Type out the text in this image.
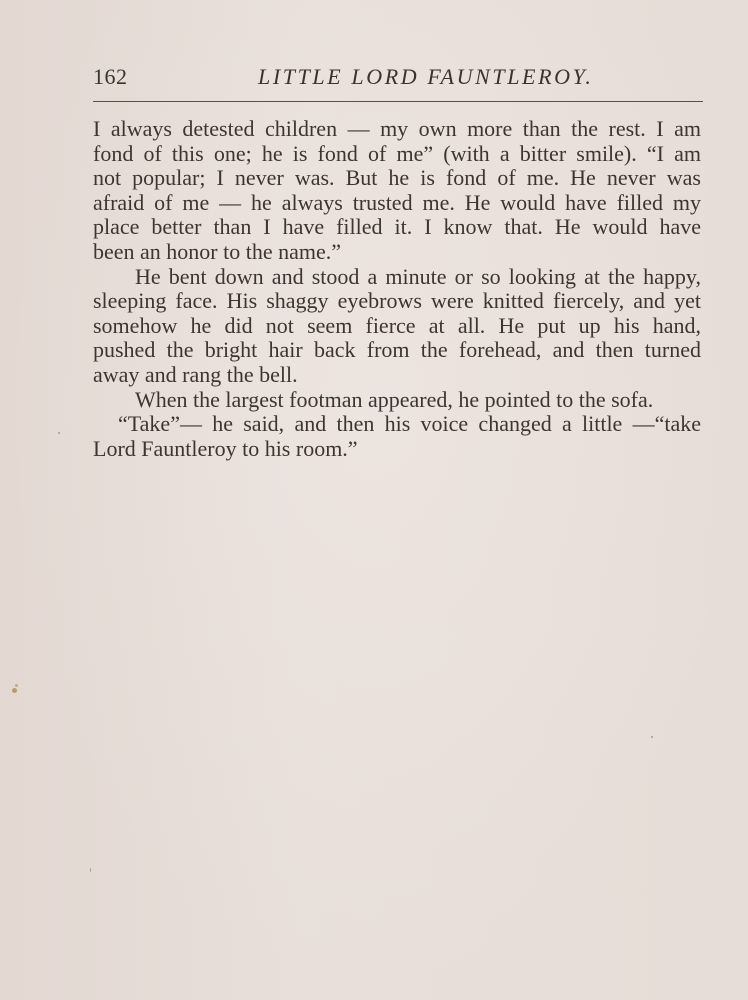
162	LITTLE LORD FAUNTLEROY.

I always detested children — my own more than the rest. I am
fond of this one; he is fond of me” (with a bitter smile). “I am
not popular; I never was. But he is fond of me. He never was
afraid of me — he always trusted me. He would have filled my
place better than I have filled it. I know that. He would have
been an honor to the name.”

He bent down and stood a minute or so looking at the happy,
sleeping face. His shaggy eyebrows were knitted fiercely, and yet
somehow he did not seem fierce at all. He put up his hand,
pushed the bright hair back from the forehead, and then turned
away and rang the bell.

When the largest footman appeared, he pointed to the sofa.

“Take”— he said, and then his voice changed a little —“take
Lord Fauntleroy to his room.”
